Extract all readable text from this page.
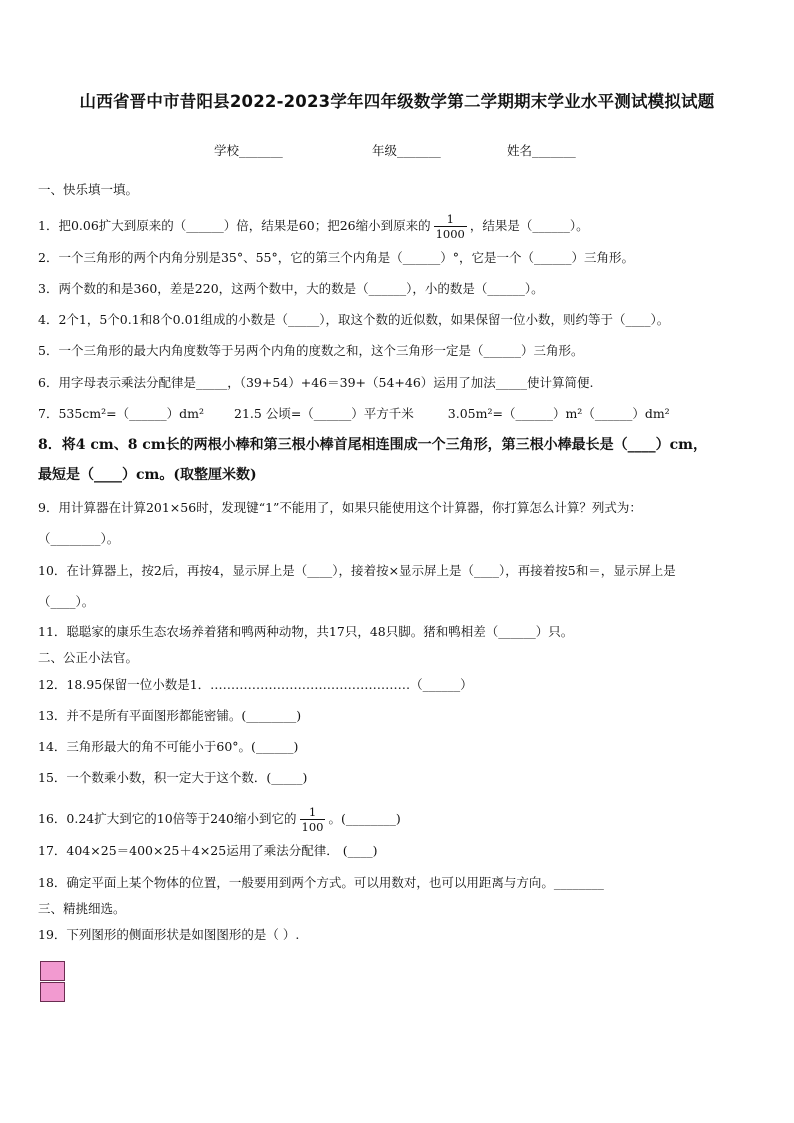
山西省晋中市昔阳县2022-2023学年四年级数学第二学期期末学业水平测试模拟试题
学校_______	年级_______	姓名_______
一、快乐填一填。
1．把0.06扩大到原来的（______）倍，结果是60；把26缩小到原来的 $\frac{1}{1000}$ ，结果是（______）。
2．一个三角形的两个内角分别是35°、55°，它的第三个内角是（______）°，它是一个（______）三角形。
3．两个数的和是360，差是220，这两个数中，大的数是（______），小的数是（______）。
4．2个1，5个0.1和8个0.01组成的小数是（_____），取这个数的近似数，如果保留一位小数，则约等于（____）。
5．一个三角形的最大内角度数等于另两个内角的度数之和，这个三角形一定是（______）三角形。
6．用字母表示乘法分配律是_____，（39+54）+46＝39+（54+46）运用了加法_____使计算简便.
7．535cm²=（______）dm² 21.5 公顷=（______）平方千米	3.05m²=（______）m²（______）dm²
8．将4 cm、8 cm长的两根小棒和第三根小棒首尾相连围成一个三角形，第三根小棒最长是（____）cm，
最短是（____）cm。(取整厘米数)
9．用计算器在计算201×56时，发现键“1”不能用了，如果只能使用这个计算器，你打算怎么计算？列式为：
（________）。
10．在计算器上，按2后，再按4，显示屏上是（____），接着按×显示屏上是（____），再接着按5和＝，显示屏上是
（____）。
11．聪聪家的康乐生态农场养着猪和鸭两种动物，共17只，48只脚。猪和鸭相差（______）只。
二、公正小法官。
12．18.95保留一位小数是1．…………………………………………（______）
13．并不是所有平面图形都能密铺。(________)
14．三角形最大的角不可能小于60°。(______)
15．一个数乘小数，积一定大于这个数．(_____)
16．0.24扩大到它的10倍等于240缩小到它的 $\frac{1}{100}$ 。(________)
17．404×25＝400×25＋4×25运用了乘法分配律． (____)
18．确定平面上某个物体的位置，一般要用到两个方式。可以用数对，也可以用距离与方向。________
三、精挑细选。
19．下列图形的侧面形状是如图图形的是（ ）.
